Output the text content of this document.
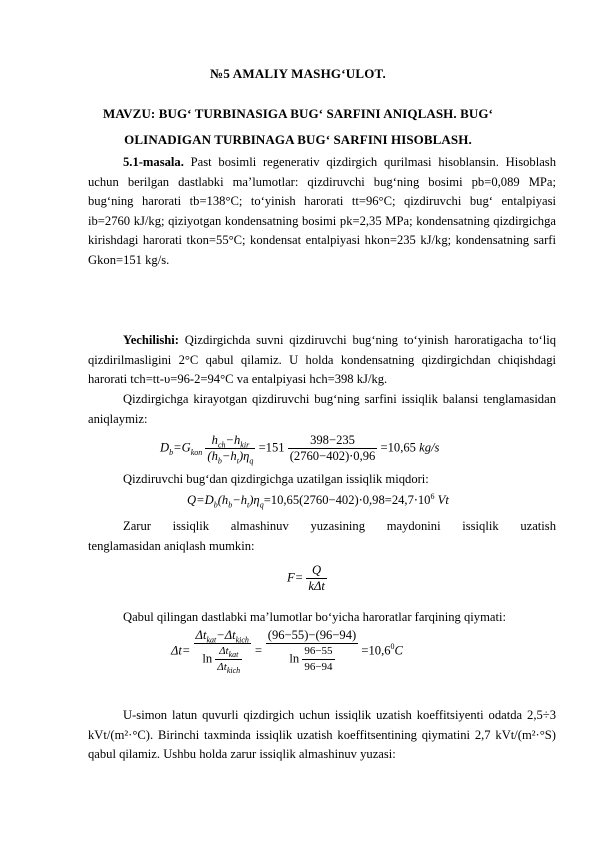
№5 AMALIY MASHG‘ULOT.
MAVZU: BUG‘ TURBINASIGA BUG‘ SARFINI ANIQLASH. BUG‘
OLINADIGAN TURBINAGA BUG‘ SARFINI HISOBLASH.
5.1-masala. Past bosimli regenerativ qizdirgich qurilmasi hisoblansin. Hisoblash uchun berilgan dastlabki ma’lumotlar: qizdiruvchi bug‘ning bosimi pb=0,089 MPa; bug‘ning harorati tb=138°C; to‘yinish harorati tt=96°C; qizdiruvchi bug‘ entalpiyasi ib=2760 kJ/kg; qiziyotgan kondensatning bosimi pk=2,35 MPa; kondensatning qizdirgichga kirishdagi harorati tkon=55°C; kondensat entalpiyasi hkon=235 kJ/kg; kondensatning sarfi Gkon=151 kg/s.
Yechilishi: Qizdirgichda suvni qizdiruvchi bug‘ning to‘yinish haroratigacha to‘liq qizdirilmasligini 2°C qabul qilamiz. U holda kondensatning qizdirgichdan chiqishdagi harorati tch=tt-υ=96-2=94°C va entalpiyasi hch=398 kJ/kg.
Qizdirgichga kirayotgan qizdiruvchi bug‘ning sarfini issiqlik balansi tenglamasidan aniqlaymiz:
$D_b=G_{kon} \frac{h_{ch}-h_{kir}}{(h_b-h_t)\eta_q} =151 \frac{398-235}{(2760-402)\cdot 0,96} =10,65$ kg/s
Qizdiruvchi bug‘dan qizdirgichga uzatilgan issiqlik miqdori:
$Q=D_b(h_b-h_t)\eta_q=10,65(2760-402)\cdot 0,98=24,7\cdot 10^6$ Vt
Zarur issiqlik almashinuv yuzasining maydonini issiqlik uzatish
tenglamasidan aniqlash mumkin:
$F= \frac{Q}{\text{kΔt}}$
Qabul qilingan dastlabki ma’lumotlar bo‘yicha haroratlar farqining qiymati:
$\Delta t= \frac{\Delta t_{kat}-\Delta t_{kich}}{\ln \frac{\Delta t_{kat}}{\Delta t_{kich}}} = \frac{(96-55)-(96-94)}{\ln \frac{96-55}{96-94}} =10,6^0C$
U-simon latun quvurli qizdirgich uchun issiqlik uzatish koeffitsiyenti odatda 2,5÷3 kVt/(m²·°C). Birinchi taxminda issiqlik uzatish koeffitsentining qiymatini 2,7 kVt/(m²·°S) qabul qilamiz. Ushbu holda zarur issiqlik almashinuv yuzasi:
